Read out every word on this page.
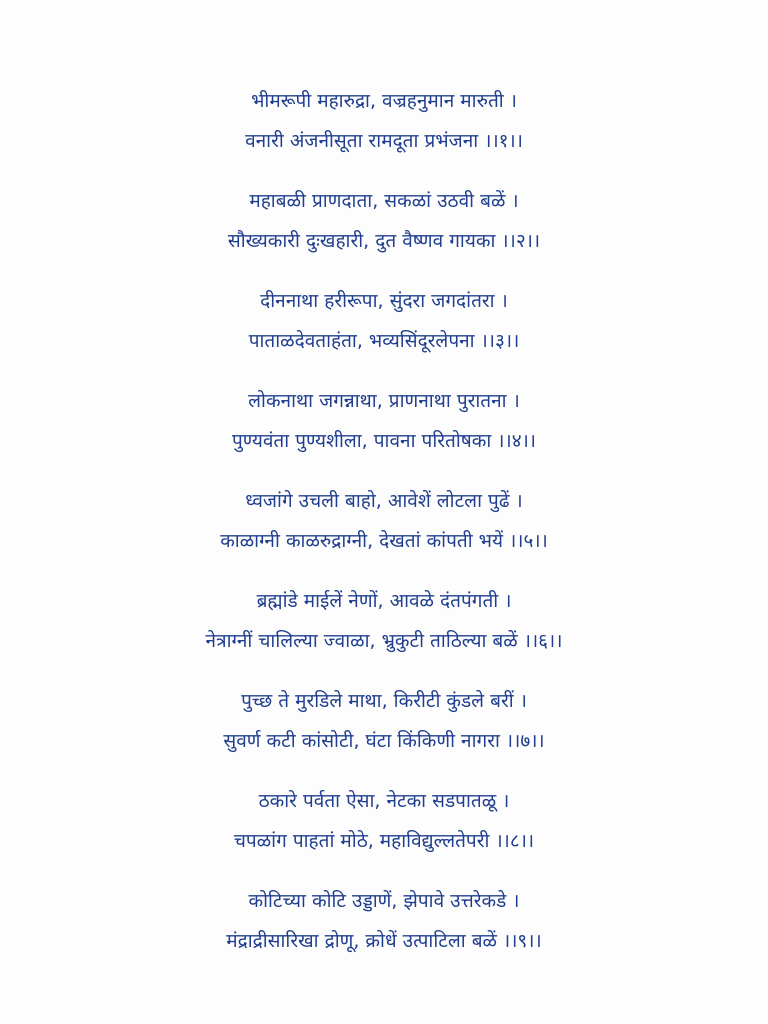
भीमरूपी महारुद्रा, वज्रहनुमान मारुती ।
वनारी अंजनीसूता रामदूता प्रभंजना ।।१।।
महाबळी प्राणदाता, सकळां उठवी बळें ।
सौख्यकारी दुःखहारी, दुत वैष्णव गायका ।।२।।
दीननाथा हरीरूपा, सुंदरा जगदांतरा ।
पाताळदेवताहंता, भव्यसिंदूरलेपना ।।३।।
लोकनाथा जगन्नाथा, प्राणनाथा पुरातना ।
पुण्यवंता पुण्यशीला, पावना परितोषका ।।४।।
ध्वजांगे उचली बाहो, आवेशें लोटला पुढें ।
काळाग्नी काळरुद्राग्नी, देखतां कांपती भयें ।।५।।
ब्रह्मांडे माईलें नेणों, आवळे दंतपंगती ।
नेत्राग्नीं चालिल्या ज्वाळा, भ्रुकुटी ताठिल्या बळें ।।६।।
पुच्छ ते मुरडिले माथा, किरीटी कुंडले बरीं ।
सुवर्ण कटी कांसोटी, घंटा किंकिणी नागरा ।।७।।
ठकारे पर्वता ऐसा, नेटका सडपातळू ।
चपळांग पाहतां मोठे, महाविद्युल्लतेपरी ।।८।।
कोटिच्या कोटि उड्डाणें, झेपावे उत्तरेकडे ।
मंद्राद्रीसारिखा द्रोणू, क्रोधें उत्पाटिला बळें ।।९।।
